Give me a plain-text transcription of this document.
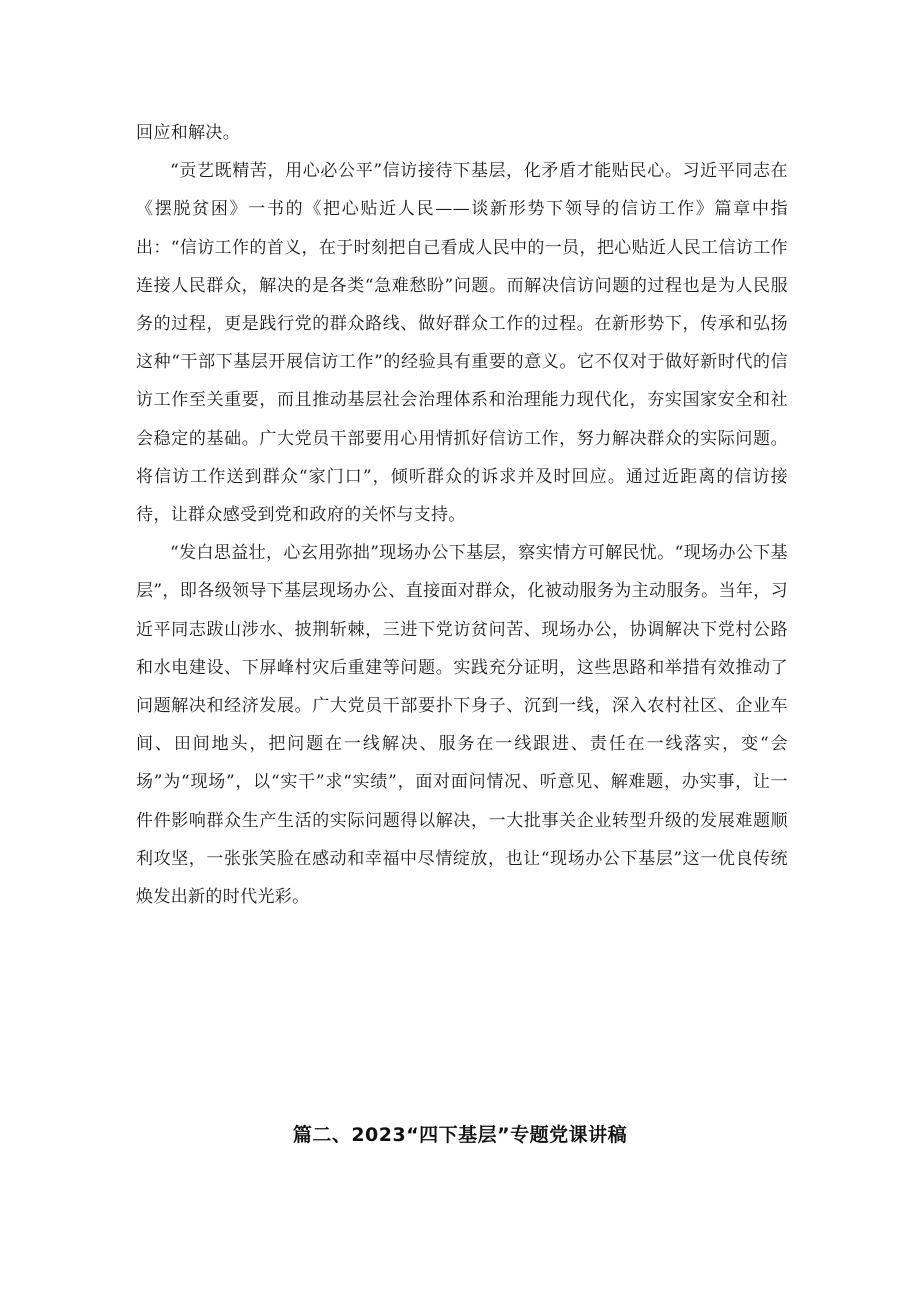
回应和解决。

“贡艺既精苦，用心必公平”信访接待下基层，化矛盾才能贴民心。习近平同志在《摆脱贫困》一书的《把心贴近人民——谈新形势下领导的信访工作》篇章中指出：“信访工作的首义，在于时刻把自己看成人民中的一员，把心贴近人民工信访工作连接人民群众，解决的是各类“急难愁盼”问题。而解决信访问题的过程也是为人民服务的过程，更是践行党的群众路线、做好群众工作的过程。在新形势下，传承和弘扬这种“干部下基层开展信访工作”的经验具有重要的意义。它不仅对于做好新时代的信访工作至关重要，而且推动基层社会治理体系和治理能力现代化，夯实国家安全和社会稳定的基础。广大党员干部要用心用情抓好信访工作，努力解决群众的实际问题。将信访工作送到群众“家门口”，倾听群众的诉求并及时回应。通过近距离的信访接待，让群众感受到党和政府的关怀与支持。

“发白思益壮，心玄用弥拙”现场办公下基层，察实情方可解民忧。“现场办公下基层”，即各级领导下基层现场办公、直接面对群众，化被动服务为主动服务。当年，习近平同志跋山涉水、披荆斩棘，三进下党访贫问苦、现场办公，协调解决下党村公路和水电建设、下屏峰村灾后重建等问题。实践充分证明，这些思路和举措有效推动了问题解决和经济发展。广大党员干部要扑下身子、沉到一线，深入农村社区、企业车间、田间地头，把问题在一线解决、服务在一线跟进、责任在一线落实，变“会场”为“现场”，以“实干”求“实绩”，面对面问情况、听意见、解难题，办实事，让一件件影响群众生产生活的实际问题得以解决，一大批事关企业转型升级的发展难题顺利攻坚，一张张笑脸在感动和幸福中尽情绽放，也让“现场办公下基层”这一优良传统焕发出新的时代光彩。

篇二、2023“四下基层”专题党课讲稿
